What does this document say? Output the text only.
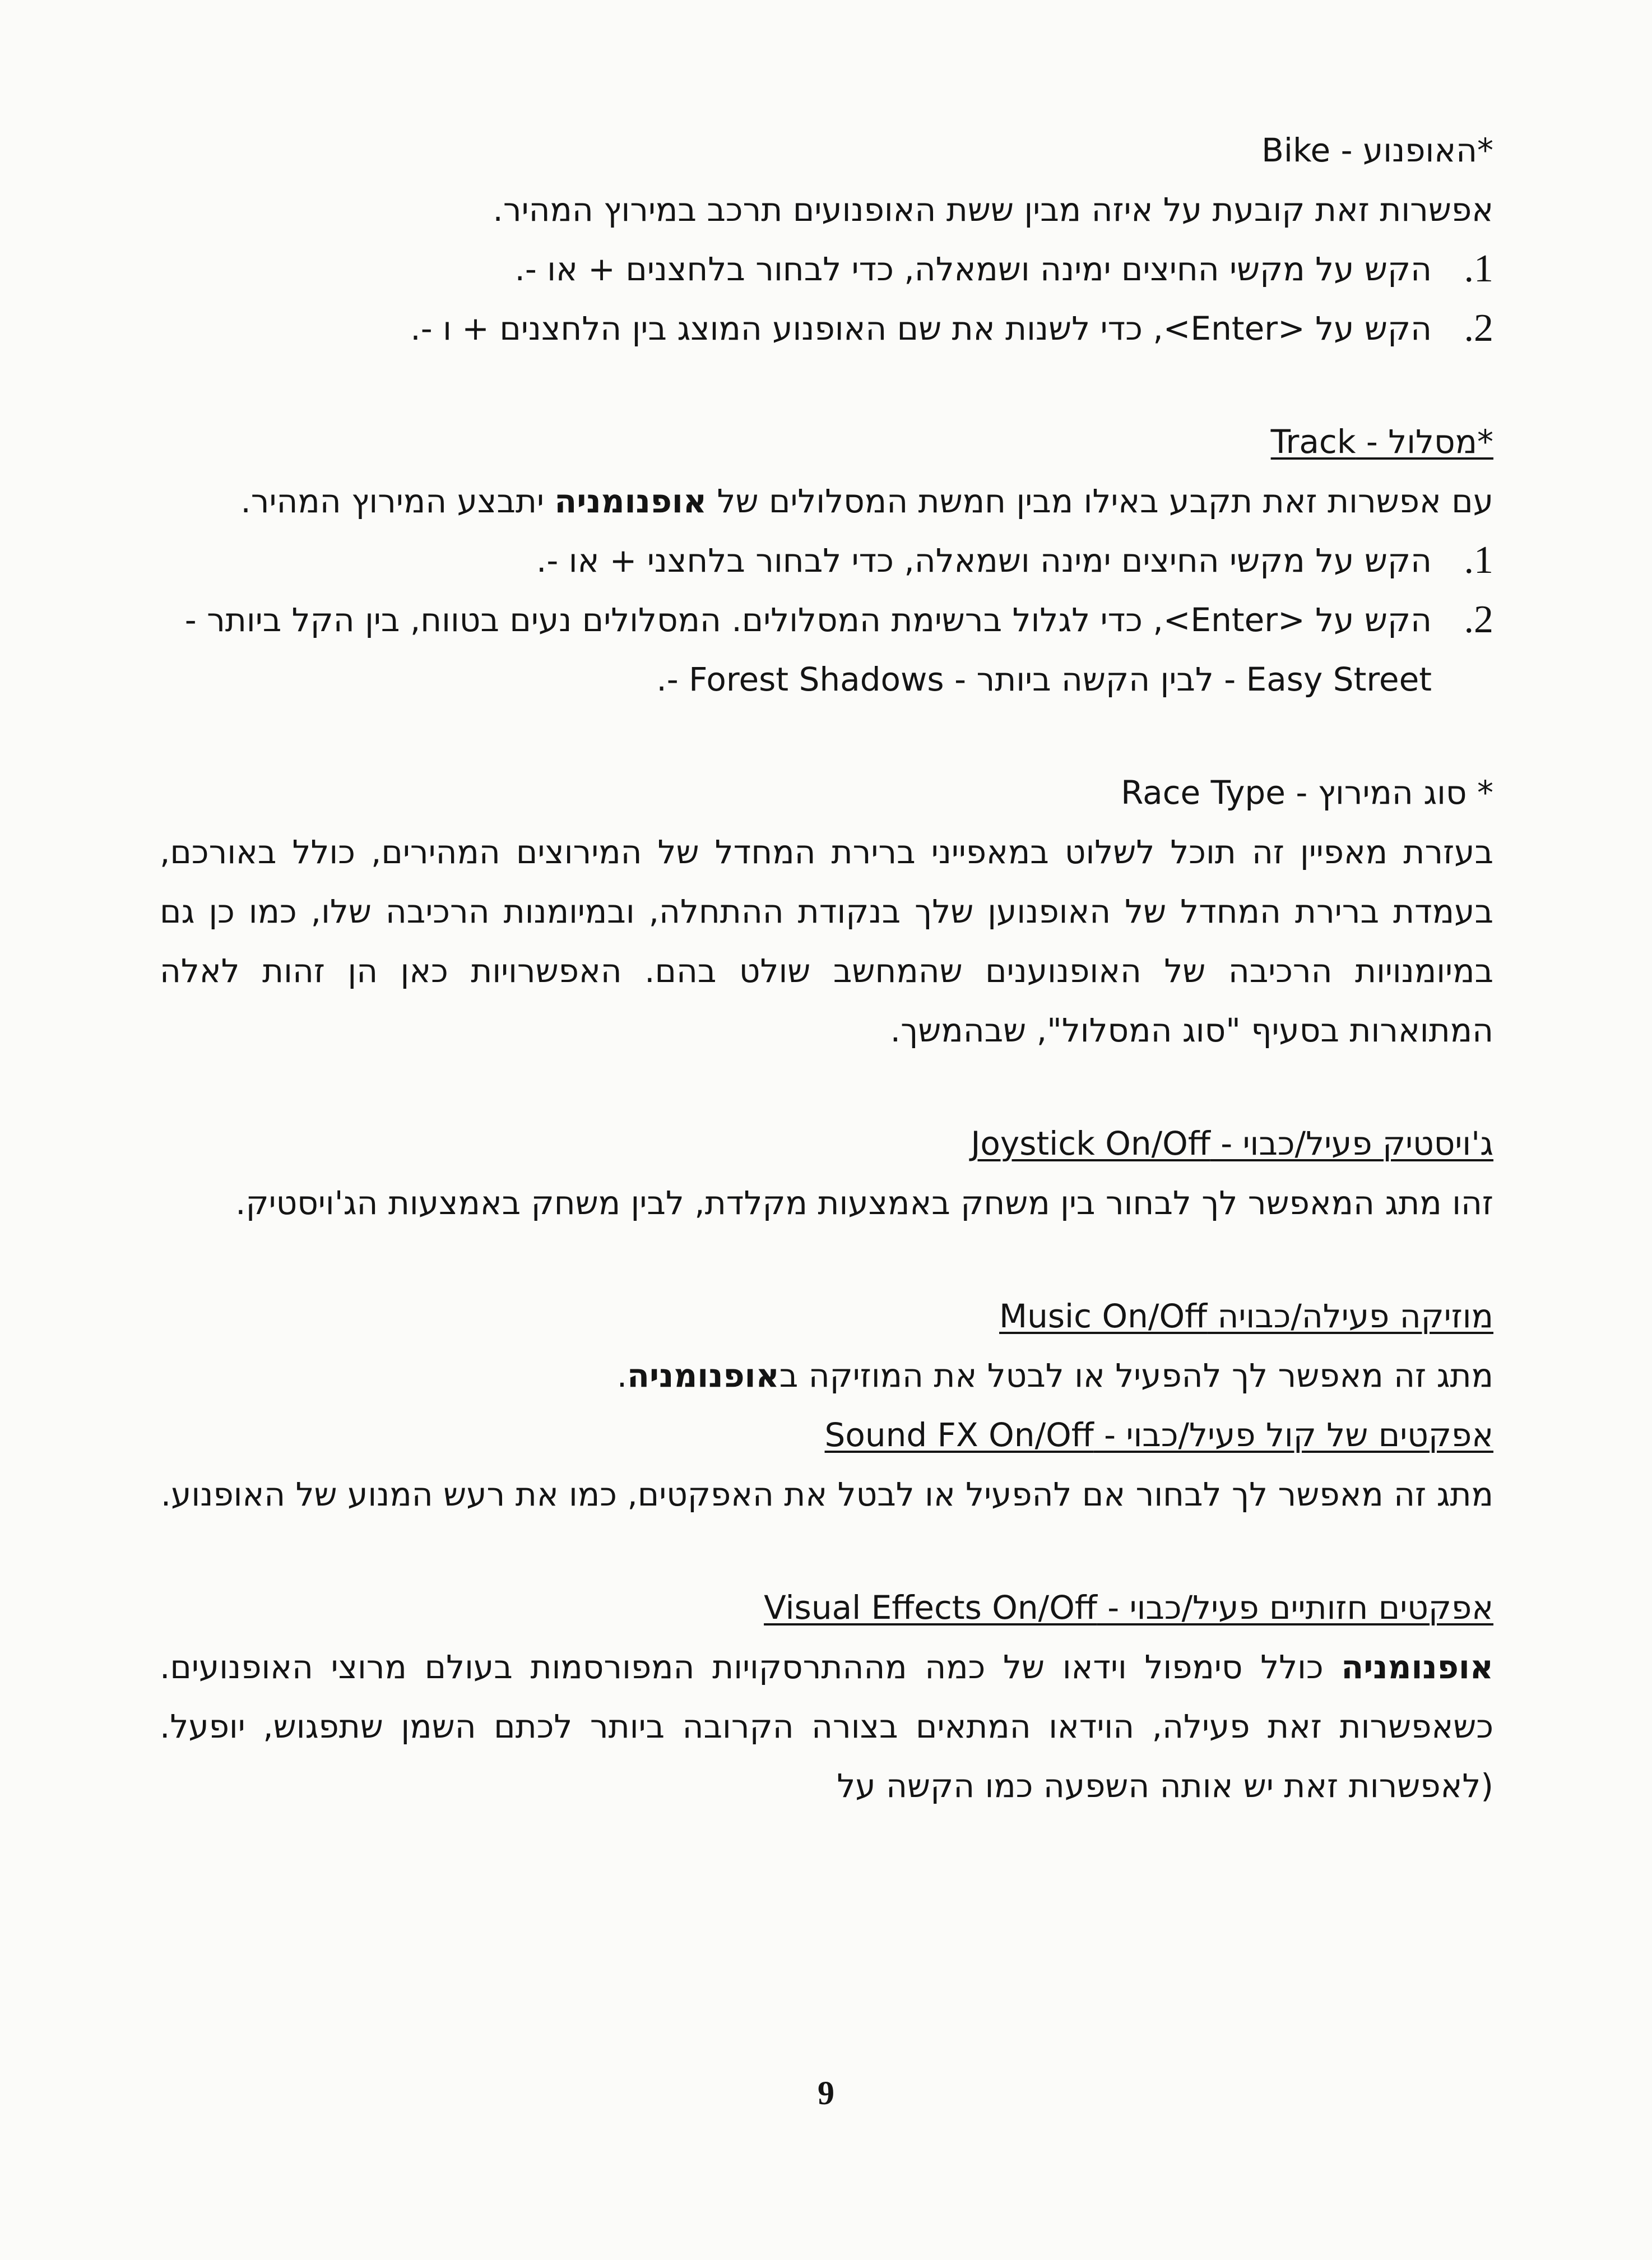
*האופנוע - Bike

אפשרות זאת קובעת על איזה מבין ששת האופנועים תרכב במירוץ המהיר.

1.
הקש על מקשי החיצים ימינה ושמאלה, כדי לבחור בלחצנים + או -.
2.
הקש על <Enter>, כדי לשנות את שם האופנוע המוצג בין הלחצנים + ו -.

*מסלול - Track

עם אפשרות זאת תקבע באילו מבין חמשת המסלולים של אופנומניה יתבצע המירוץ המהיר.

1.
הקש על מקשי החיצים ימינה ושמאלה, כדי לבחור בלחצני + או -.
2.
הקש על <Enter>, כדי לגלול ברשימת המסלולים. המסלולים נעים בטווח, בין הקל ביותר -Easy Street - לבין הקשה ביותר - Forest Shadows -.

* סוג המירוץ - Race Type

בעזרת מאפיין זה תוכל לשלוט במאפייני ברירת המחדל של המירוצים המהירים, כולל באורכם, בעמדת ברירת המחדל של האופנוען שלך בנקודת ההתחלה, ובמיומנות הרכיבה שלו, כמו כן גם במיומנויות הרכיבה של האופנוענים שהמחשב שולט בהם. האפשרויות כאן הן זהות לאלה המתוארות בסעיף "סוג המסלול", שבהמשך.

ג'ויסטיק פעיל/כבוי - Joystick On/Off

זהו מתג המאפשר לך לבחור בין משחק באמצעות מקלדת, לבין משחק באמצעות הג'ויסטיק.

מוזיקה פעילה/כבויה Music On/Off

מתג זה מאפשר לך להפעיל או לבטל את המוזיקה באופנומניה.

אפקטים של קול פעיל/כבוי - Sound FX On/Off

מתג זה מאפשר לך לבחור אם להפעיל או לבטל את האפקטים, כמו את רעש המנוע של האופנוע.

אפקטים חזותיים פעיל/כבוי - Visual Effects On/Off

אופנומניה כולל סימפול וידאו של כמה מההתרסקויות המפורסמות בעולם מרוצי האופנועים. כשאפשרות זאת פעילה, הוידאו המתאים בצורה הקרובה ביותר לכתם השמן שתפגוש, יופעל. (לאפשרות זאת יש אותה השפעה כמו הקשה על

9
